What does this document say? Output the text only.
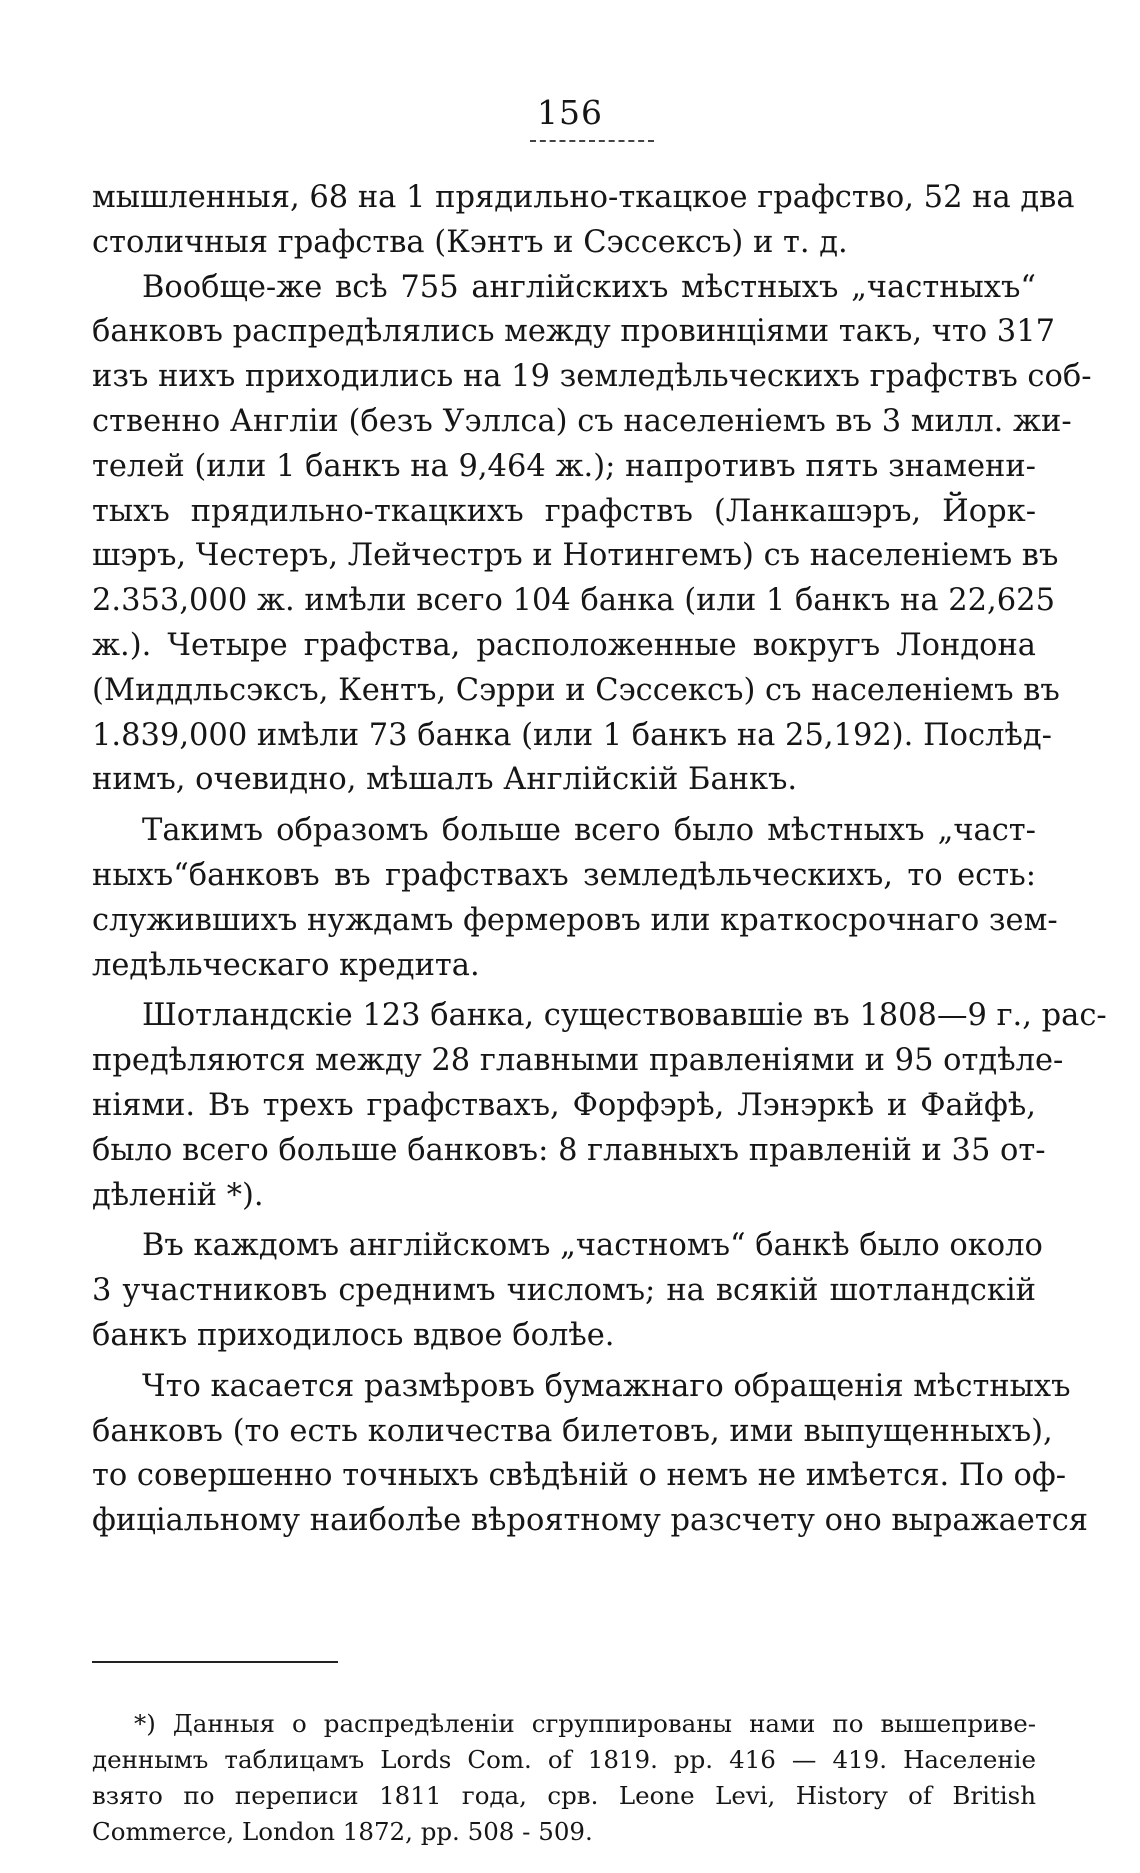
156
мышленныя, 68 на 1 прядильно-ткацкое графство, 52 на два
столичныя графства (Кэнтъ и Сэссексъ) и т. д.
Вообще-же всѣ 755 англійскихъ мѣстныхъ „частныхъ“
банковъ распредѣлялись между провинціями такъ, что 317
изъ нихъ приходились на 19 земледѣльческихъ графствъ соб-
ственно Англіи (безъ Уэллса) съ населеніемъ въ 3 милл. жи-
телей (или 1 банкъ на 9,464 ж.); напротивъ пять знамени-
тыхъ прядильно-ткацкихъ графствъ (Ланкашэръ, Йорк-
шэръ, Честеръ, Лейчестръ и Нотингемъ) съ населеніемъ въ
2.353,000 ж. имѣли всего 104 банка (или 1 банкъ на 22,625
ж.). Четыре графства, расположенные вокругъ Лондона
(Миддльсэксъ, Кентъ, Сэрри и Сэссексъ) съ населеніемъ въ
1.839,000 имѣли 73 банка (или 1 банкъ на 25,192). Послѣд-
нимъ, очевидно, мѣшалъ Англійскій Банкъ.
Такимъ образомъ больше всего было мѣстныхъ „част-
ныхъ“банковъ въ графствахъ земледѣльческихъ, то есть:
служившихъ нуждамъ фермеровъ или краткосрочнаго зем-
ледѣльческаго кредита.
Шотландскіе 123 банка, существовавшіе въ 1808—9 г., рас-
предѣляются между 28 главными правленіями и 95 отдѣле-
ніями. Въ трехъ графствахъ, Форфэрѣ, Лэнэркѣ и Файфѣ,
было всего больше банковъ: 8 главныхъ правленій и 35 от-
дѣленій *).
Въ каждомъ англійскомъ „частномъ“ банкѣ было около
3 участниковъ среднимъ числомъ; на всякій шотландскій
банкъ приходилось вдвое болѣе.
Что касается размѣровъ бумажнаго обращенія мѣстныхъ
банковъ (то есть количества билетовъ, ими выпущенныхъ),
то совершенно точныхъ свѣдѣній о немъ не имѣется. По оф-
фиціальному наиболѣе вѣроятному разсчету оно выражается
*) Данныя о распредѣленіи сгруппированы нами по вышеприве-
деннымъ таблицамъ Lords Com. of 1819. pp. 416 — 419. Населеніе
взято по переписи 1811 года, срв. Leone Levi, History of British
Commerce, London 1872, pp. 508 - 509.
